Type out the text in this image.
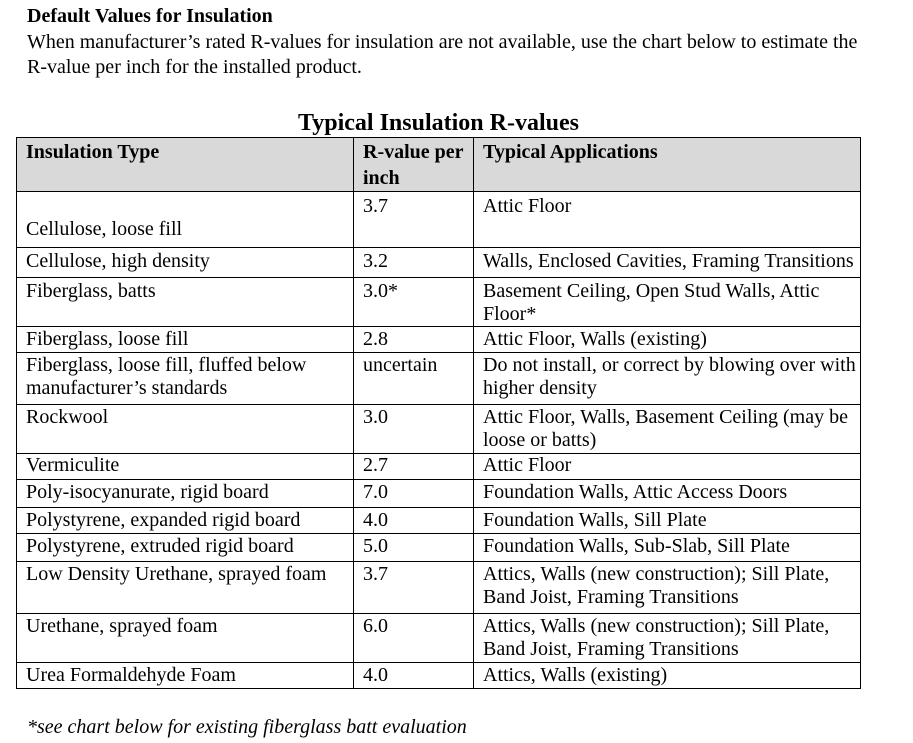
Default Values for Insulation
When manufacturer’s rated R-values for insulation are not available, use the chart below to estimate the R-value per inch for the installed product.
Typical Insulation R-values
Insulation Type	R-value per inch	Typical Applications
Cellulose, loose fill	3.7	Attic Floor
Cellulose, high density	3.2	Walls, Enclosed Cavities, Framing Transitions
Fiberglass, batts	3.0*	Basement Ceiling, Open Stud Walls, Attic Floor*
Fiberglass, loose fill	2.8	Attic Floor, Walls (existing)
Fiberglass, loose fill, fluffed below manufacturer’s standards	uncertain	Do not install, or correct by blowing over with higher density
Rockwool	3.0	Attic Floor, Walls, Basement Ceiling (may be loose or batts)
Vermiculite	2.7	Attic Floor
Poly-isocyanurate, rigid board	7.0	Foundation Walls, Attic Access Doors
Polystyrene, expanded rigid board	4.0	Foundation Walls, Sill Plate
Polystyrene, extruded rigid board	5.0	Foundation Walls, Sub-Slab, Sill Plate
Low Density Urethane, sprayed foam	3.7	Attics, Walls (new construction); Sill Plate, Band Joist, Framing Transitions
Urethane, sprayed foam	6.0	Attics, Walls (new construction); Sill Plate, Band Joist, Framing Transitions
Urea Formaldehyde Foam	4.0	Attics, Walls (existing)
*see chart below for existing fiberglass batt evaluation
